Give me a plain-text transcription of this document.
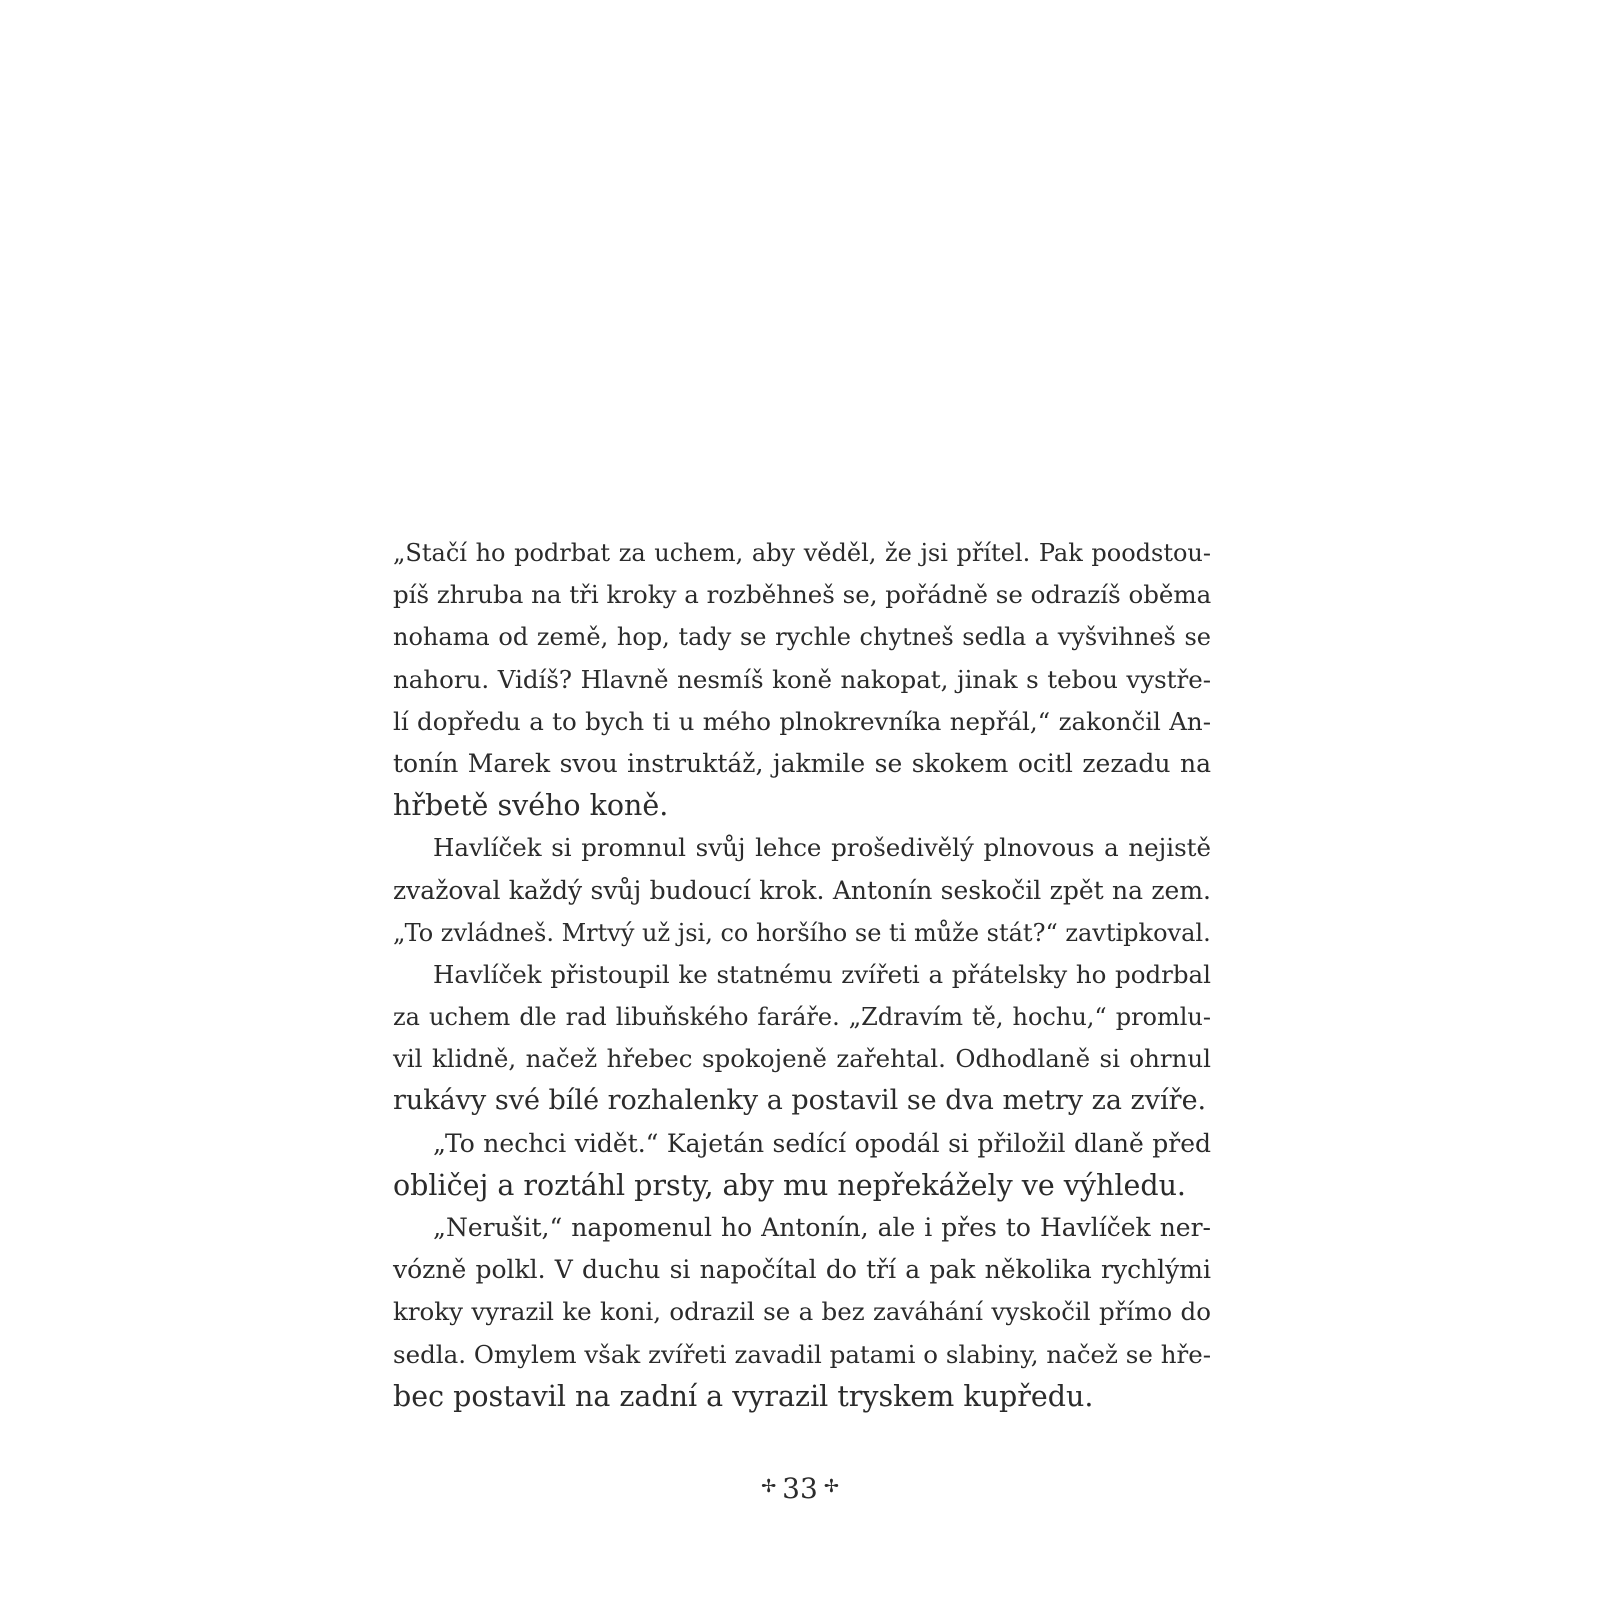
„Stačí ho podrbat za uchem, aby věděl, že jsi přítel. Pak poodstou-
píš zhruba na tři kroky a rozběhneš se, pořádně se odrazíš oběma
nohama od země, hop, tady se rychle chytneš sedla a vyšvihneš se
nahoru. Vidíš? Hlavně nesmíš koně nakopat, jinak s tebou vystře-
lí dopředu a to bych ti u mého plnokrevníka nepřál,“ zakončil An-
tonín Marek svou instruktáž, jakmile se skokem ocitl zezadu na
hřbetě svého koně.
Havlíček si promnul svůj lehce prošedivělý plnovous a nejistě
zvažoval každý svůj budoucí krok. Antonín seskočil zpět na zem.
„To zvládneš. Mrtvý už jsi, co horšího se ti může stát?“ zavtipkoval.
Havlíček přistoupil ke statnému zvířeti a přátelsky ho podrbal
za uchem dle rad libuňského faráře. „Zdravím tě, hochu,“ promlu-
vil klidně, načež hřebec spokojeně zařehtal. Odhodlaně si ohrnul
rukávy své bílé rozhalenky a postavil se dva metry za zvíře.
„To nechci vidět.“ Kajetán sedící opodál si přiložil dlaně před
obličej a roztáhl prsty, aby mu nepřekážely ve výhledu.
„Nerušit,“ napomenul ho Antonín, ale i přes to Havlíček ner-
vózně polkl. V duchu si napočítal do tří a pak několika rychlými
kroky vyrazil ke koni, odrazil se a bez zaváhání vyskočil přímo do
sedla. Omylem však zvířeti zavadil patami o slabiny, načež se hře-
bec postavil na zadní a vyrazil tryskem kupředu.
✢ 33 ✢
